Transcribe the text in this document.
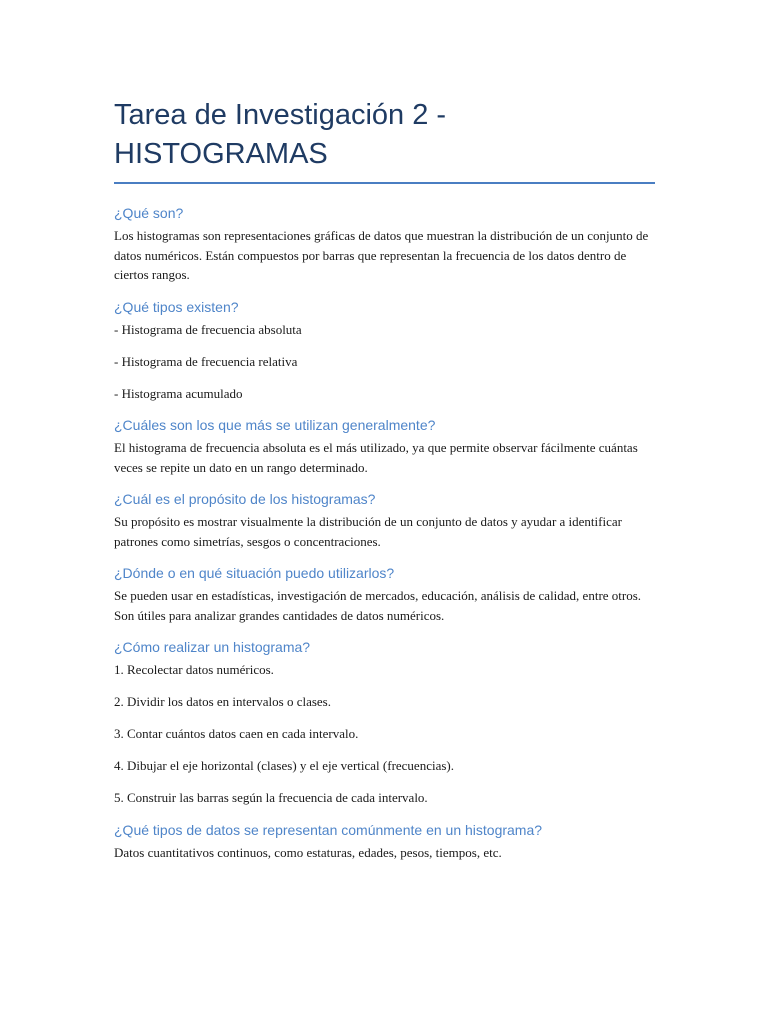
Tarea de Investigación 2 -
HISTOGRAMAS
¿Qué son?

Los histogramas son representaciones gráficas de datos que muestran la distribución de un conjunto de datos numéricos. Están compuestos por barras que representan la frecuencia de los datos dentro de ciertos rangos.

¿Qué tipos existen?

- Histograma de frecuencia absoluta

- Histograma de frecuencia relativa

- Histograma acumulado

¿Cuáles son los que más se utilizan generalmente?

El histograma de frecuencia absoluta es el más utilizado, ya que permite observar fácilmente cuántas veces se repite un dato en un rango determinado.

¿Cuál es el propósito de los histogramas?

Su propósito es mostrar visualmente la distribución de un conjunto de datos y ayudar a identificar patrones como simetrías, sesgos o concentraciones.

¿Dónde o en qué situación puedo utilizarlos?

Se pueden usar en estadísticas, investigación de mercados, educación, análisis de calidad, entre otros. Son útiles para analizar grandes cantidades de datos numéricos.

¿Cómo realizar un histograma?

1. Recolectar datos numéricos.

2. Dividir los datos en intervalos o clases.

3. Contar cuántos datos caen en cada intervalo.

4. Dibujar el eje horizontal (clases) y el eje vertical (frecuencias).

5. Construir las barras según la frecuencia de cada intervalo.

¿Qué tipos de datos se representan comúnmente en un histograma?

Datos cuantitativos continuos, como estaturas, edades, pesos, tiempos, etc.
